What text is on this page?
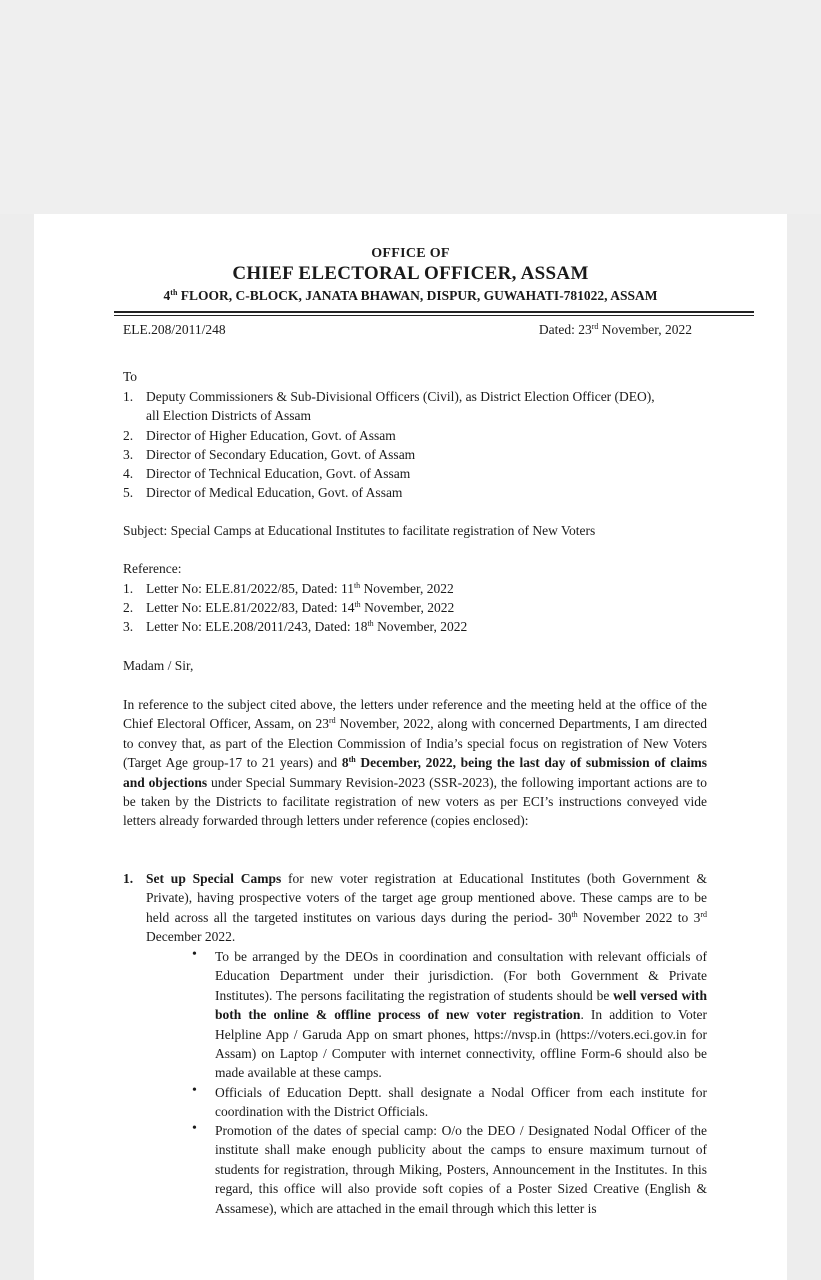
OFFICE OF
CHIEF ELECTORAL OFFICER, ASSAM
4th FLOOR, C-BLOCK, JANATA BHAWAN, DISPUR, GUWAHATI-781022, ASSAM
ELE.208/2011/248	Dated: 23rd November, 2022
To
1. Deputy Commissioners & Sub-Divisional Officers (Civil), as District Election Officer (DEO),
all Election Districts of Assam
2. Director of Higher Education, Govt. of Assam
3. Director of Secondary Education, Govt. of Assam
4. Director of Technical Education, Govt. of Assam
5. Director of Medical Education, Govt. of Assam
Subject: Special Camps at Educational Institutes to facilitate registration of New Voters
Reference:
1. Letter No: ELE.81/2022/85, Dated: 11th November, 2022
2. Letter No: ELE.81/2022/83, Dated: 14th November, 2022
3. Letter No: ELE.208/2011/243, Dated: 18th November, 2022
Madam / Sir,
In reference to the subject cited above, the letters under reference and the meeting held at the office of the Chief Electoral Officer, Assam, on 23rd November, 2022, along with concerned Departments, I am directed to convey that, as part of the Election Commission of India’s special focus on registration of New Voters (Target Age group-17 to 21 years) and 8th December, 2022, being the last day of submission of claims and objections under Special Summary Revision-2023 (SSR-2023), the following important actions are to be taken by the Districts to facilitate registration of new voters as per ECI’s instructions conveyed vide letters already forwarded through letters under reference (copies enclosed):
1. Set up Special Camps for new voter registration at Educational Institutes (both Government & Private), having prospective voters of the target age group mentioned above. These camps are to be held across all the targeted institutes on various days during the period- 30th November 2022 to 3rd December 2022.
• To be arranged by the DEOs in coordination and consultation with relevant officials of Education Department under their jurisdiction. (For both Government & Private Institutes). The persons facilitating the registration of students should be well versed with both the online & offline process of new voter registration. In addition to Voter Helpline App / Garuda App on smart phones, https://nvsp.in (https://voters.eci.gov.in for Assam) on Laptop / Computer with internet connectivity, offline Form-6 should also be made available at these camps.
• Officials of Education Deptt. shall designate a Nodal Officer from each institute for coordination with the District Officials.
• Promotion of the dates of special camp: O/o the DEO / Designated Nodal Officer of the institute shall make enough publicity about the camps to ensure maximum turnout of students for registration, through Miking, Posters, Announcement in the Institutes. In this regard, this office will also provide soft copies of a Poster Sized Creative (English & Assamese), which are attached in the email through which this letter is
